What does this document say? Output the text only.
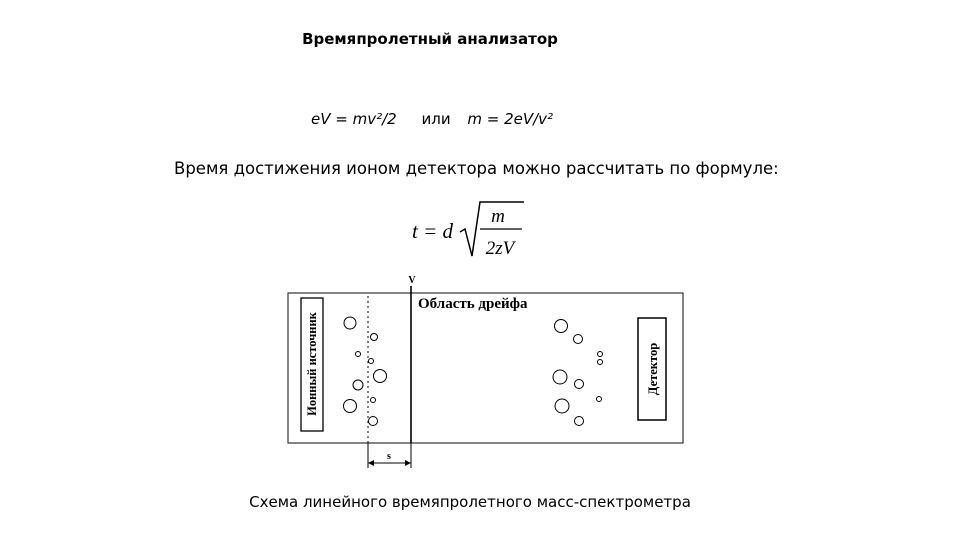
Времяпролетный анализатор
eV = mv²/2 или m = 2eV/v²
Время достижения ионом детектора можно рассчитать по формуле:
t = d
m
2zV
Ионный источник
V
Область дрейфа
Детектор
s
Схема линейного времяпролетного масс-спектрометра
